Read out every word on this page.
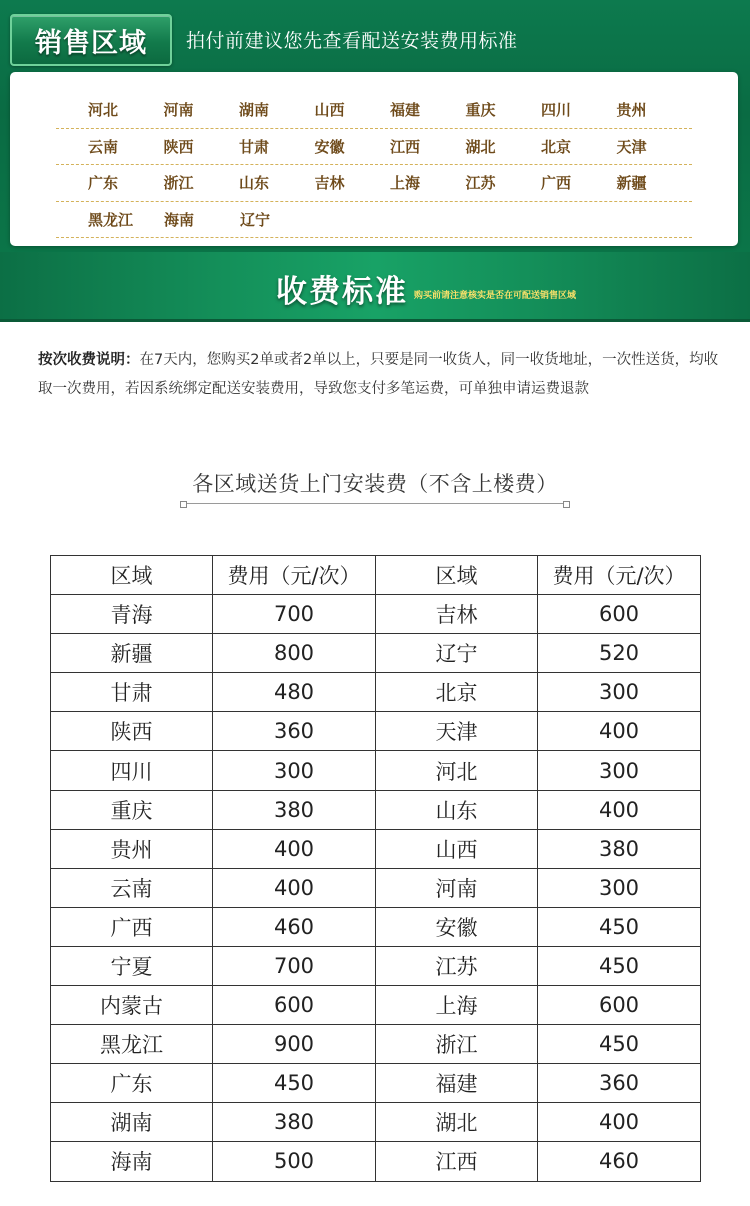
销售区域	拍付前建议您先查看配送安装费用标准
河北	河南	湖南	山西	福建	重庆	四川	贵州
云南	陕西	甘肃	安徽	江西	湖北	北京	天津
广东	浙江	山东	吉林	上海	江苏	广西	新疆
黑龙江	海南	辽宁
收费标准 购买前请注意核实是否在可配送销售区域

按次收费说明：在7天内，您购买2单或者2单以上，只要是同一收货人，同一收货地址，一次性送货，均收取一次费用，若因系统绑定配送安装费用，导致您支付多笔运费，可单独申请运费退款

各区域送货上门安装费（不含上楼费）
区域	费用（元/次）	区域	费用（元/次）
青海	700	吉林	600
新疆	800	辽宁	520
甘肃	480	北京	300
陕西	360	天津	400
四川	300	河北	300
重庆	380	山东	400
贵州	400	山西	380
云南	400	河南	300
广西	460	安徽	450
宁夏	700	江苏	450
内蒙古	600	上海	600
黑龙江	900	浙江	450
广东	450	福建	360
湖南	380	湖北	400
海南	500	江西	460
